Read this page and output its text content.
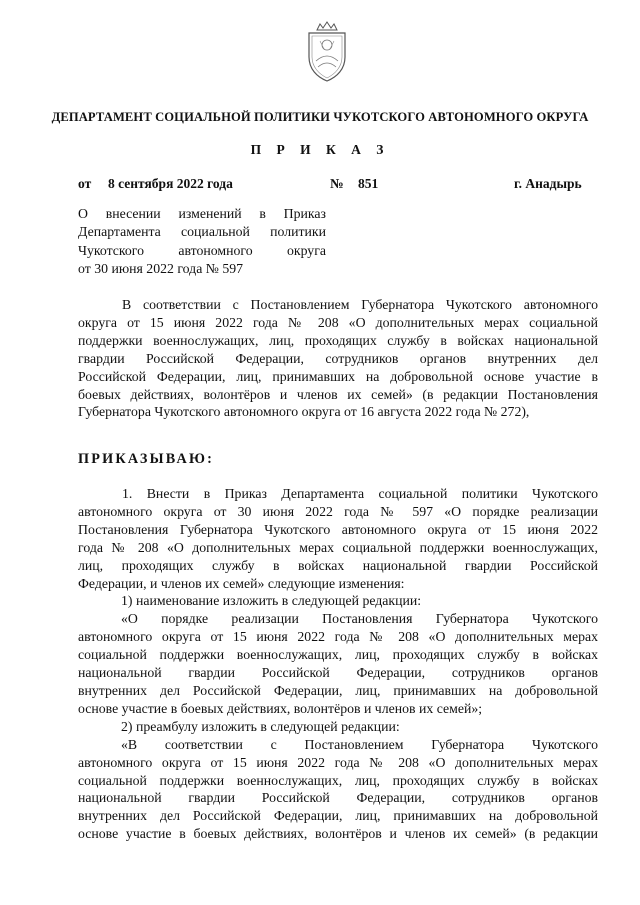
ДЕПАРТАМЕНТ СОЦИАЛЬНОЙ ПОЛИТИКИ ЧУКОТСКОГО АВТОНОМНОГО ОКРУГА
П Р И К А З
от 8 сентября 2022 года	№ 851	г. Анадырь
О внесении изменений в Приказ
Департамента социальной политики
Чукотского автономного округа
от 30 июня 2022 года № 597
В соответствии с Постановлением Губернатора Чукотского автономного
округа от 15 июня 2022 года № 208 «О дополнительных мерах социальной
поддержки военнослужащих, лиц, проходящих службу в войсках национальной
гвардии Российской Федерации, сотрудников органов внутренних дел
Российской Федерации, лиц, принимавших на добровольной основе участие в
боевых действиях, волонтёров и членов их семей» (в редакции Постановления
Губернатора Чукотского автономного округа от 16 августа 2022 года № 272),
ПРИКАЗЫВАЮ:
1. Внести в Приказ Департамента социальной политики Чукотского
автономного округа от 30 июня 2022 года № 597 «О порядке реализации
Постановления Губернатора Чукотского автономного округа от 15 июня 2022
года № 208 «О дополнительных мерах социальной поддержки военнослужащих,
лиц, проходящих службу в войсках национальной гвардии Российской
Федерации, и членов их семей» следующие изменения:
1) наименование изложить в следующей редакции:
«О порядке реализации Постановления Губернатора Чукотского
автономного округа от 15 июня 2022 года № 208 «О дополнительных мерах
социальной поддержки военнослужащих, лиц, проходящих службу в войсках
национальной гвардии Российской Федерации, сотрудников органов
внутренних дел Российской Федерации, лиц, принимавших на добровольной
основе участие в боевых действиях, волонтёров и членов их семей»;
2) преамбулу изложить в следующей редакции:
«В соответствии с Постановлением Губернатора Чукотского
автономного округа от 15 июня 2022 года № 208 «О дополнительных мерах
социальной поддержки военнослужащих, лиц, проходящих службу в войсках
национальной гвардии Российской Федерации, сотрудников органов
внутренних дел Российской Федерации, лиц, принимавших на добровольной
основе участие в боевых действиях, волонтёров и членов их семей» (в редакции
